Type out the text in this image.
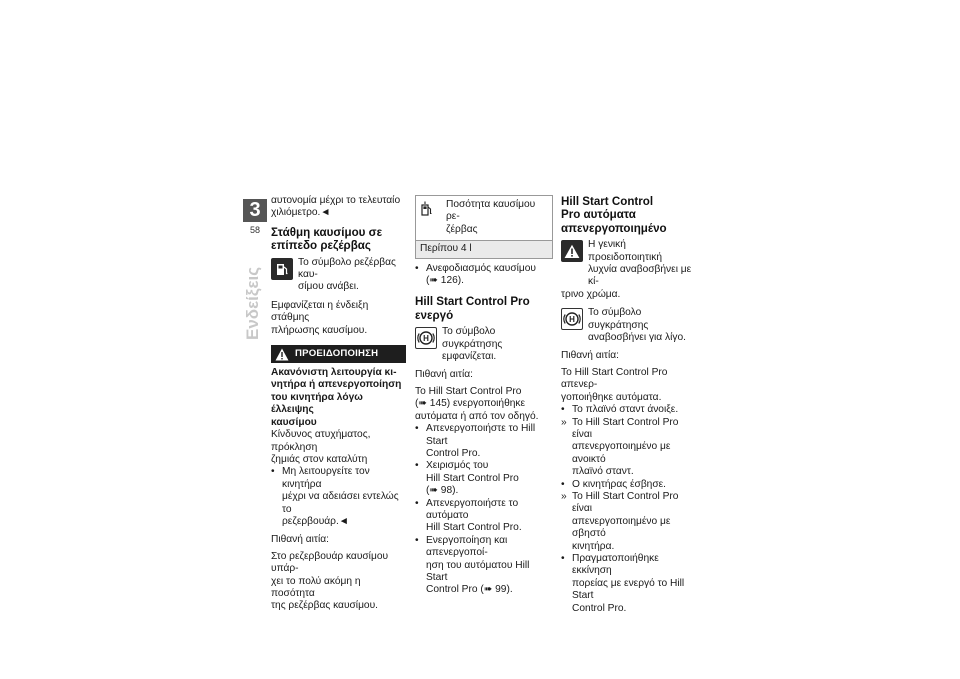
3
58
Ενδείξεις

αυτονομία μέχρι το τελευταίο

χιλιόμετρο.◄

Στάθμη καυσίμου σε
επίπεδο ρεζέρβας

Το σύμβολο ρεζέρβας καυ-

σίμου ανάβει.

Εμφανίζεται η ένδειξη στάθμης

πλήρωσης καυσίμου.

ΠΡΟΕΙΔΟΠΟΙΗΣΗ

Ακανόνιστη λειτουργία κι-

νητήρα ή απενεργοποίηση

του κινητήρα λόγω έλλειψης

καυσίμου

Κίνδυνος ατυχήματος, πρόκληση

ζημιάς στον καταλύτη

• Μη λειτουργείτε τον κινητήρα
μέχρι να αδειάσει εντελώς το
ρεζερβουάρ.◄

Πιθανή αιτία:

Στο ρεζερβουάρ καυσίμου υπάρ-

χει το πολύ ακόμη η ποσότητα

της ρεζέρβας καυσίμου.

Ποσότητα καυσίμου ρε-

ζέρβας

Περίπου 4 l
• Ανεφοδιασμός καυσίμου
(➠ 126).
Hill Start Control Pro
ενεργό
H

Το σύμβολο συγκράτησης

εμφανίζεται.

Πιθανή αιτία:

To Hill Start Control Pro

(➠ 145) ενεργοποιήθηκε

αυτόματα ή από τον οδηγό.

• Απενεργοποιήστε το Hill Start
Control Pro.
• Χειρισμός του
Hill Start Control Pro
(➠ 98).
• Απενεργοποιήστε το αυτόματο
Hill Start Control Pro.
• Ενεργοποίηση και απενεργοποί-
ηση του αυτόματου Hill Start
Control Pro (➠ 99).
Hill Start Control
Pro αυτόματα
απενεργοποιημένο

Η γενική προειδοποιητική

λυχνία αναβοσβήνει με κί-

τρινο χρώμα.

H

Το σύμβολο συγκράτησης

αναβοσβήνει για λίγο.

Πιθανή αιτία:

Το Hill Start Control Pro απενερ-

γοποιήθηκε αυτόματα.

• Το πλαϊνό σταντ άνοιξε.
» Το Hill Start Control Pro είναι
απενεργοποιημένο με ανοικτό
πλαϊνό σταντ.
• Ο κινητήρας έσβησε.
» Το Hill Start Control Pro είναι
απενεργοποιημένο με σβηστό
κινητήρα.
• Πραγματοποιήθηκε εκκίνηση
πορείας με ενεργό το Hill Start
Control Pro.
